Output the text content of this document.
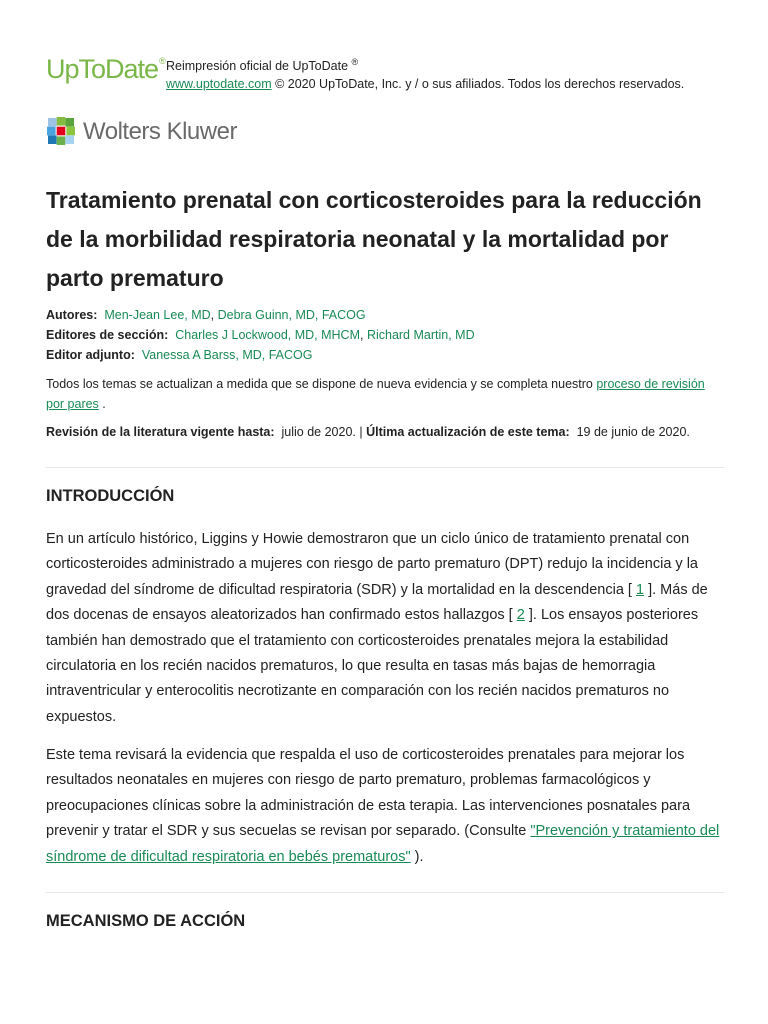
UpToDate® Reimpresión oficial de UpToDate ®
www.uptodate.com © 2020 UpToDate, Inc. y / o sus afiliados. Todos los derechos reservados.
Wolters Kluwer
Tratamiento prenatal con corticosteroides para la reducción de la morbilidad respiratoria neonatal y la mortalidad por parto prematuro
Autores: Men-Jean Lee, MD, Debra Guinn, MD, FACOG
Editores de sección: Charles J Lockwood, MD, MHCM, Richard Martin, MD
Editor adjunto: Vanessa A Barss, MD, FACOG
Todos los temas se actualizan a medida que se dispone de nueva evidencia y se completa nuestro proceso de revisión por pares .
Revisión de la literatura vigente hasta: julio de 2020. | Última actualización de este tema: 19 de junio de 2020.
INTRODUCCIÓN

En un artículo histórico, Liggins y Howie demostraron que un ciclo único de tratamiento prenatal con corticosteroides administrado a mujeres con riesgo de parto prematuro (DPT) redujo la incidencia y la gravedad del síndrome de dificultad respiratoria (SDR) y la mortalidad en la descendencia [ 1 ]. Más de dos docenas de ensayos aleatorizados han confirmado estos hallazgos [ 2 ]. Los ensayos posteriores también han demostrado que el tratamiento con corticosteroides prenatales mejora la estabilidad circulatoria en los recién nacidos prematuros, lo que resulta en tasas más bajas de hemorragia intraventricular y enterocolitis necrotizante en comparación con los recién nacidos prematuros no expuestos.

Este tema revisará la evidencia que respalda el uso de corticosteroides prenatales para mejorar los resultados neonatales en mujeres con riesgo de parto prematuro, problemas farmacológicos y preocupaciones clínicas sobre la administración de esta terapia. Las intervenciones posnatales para prevenir y tratar el SDR y sus secuelas se revisan por separado. (Consulte "Prevención y tratamiento del síndrome de dificultad respiratoria en bebés prematuros" ).

MECANISMO DE ACCIÓN
